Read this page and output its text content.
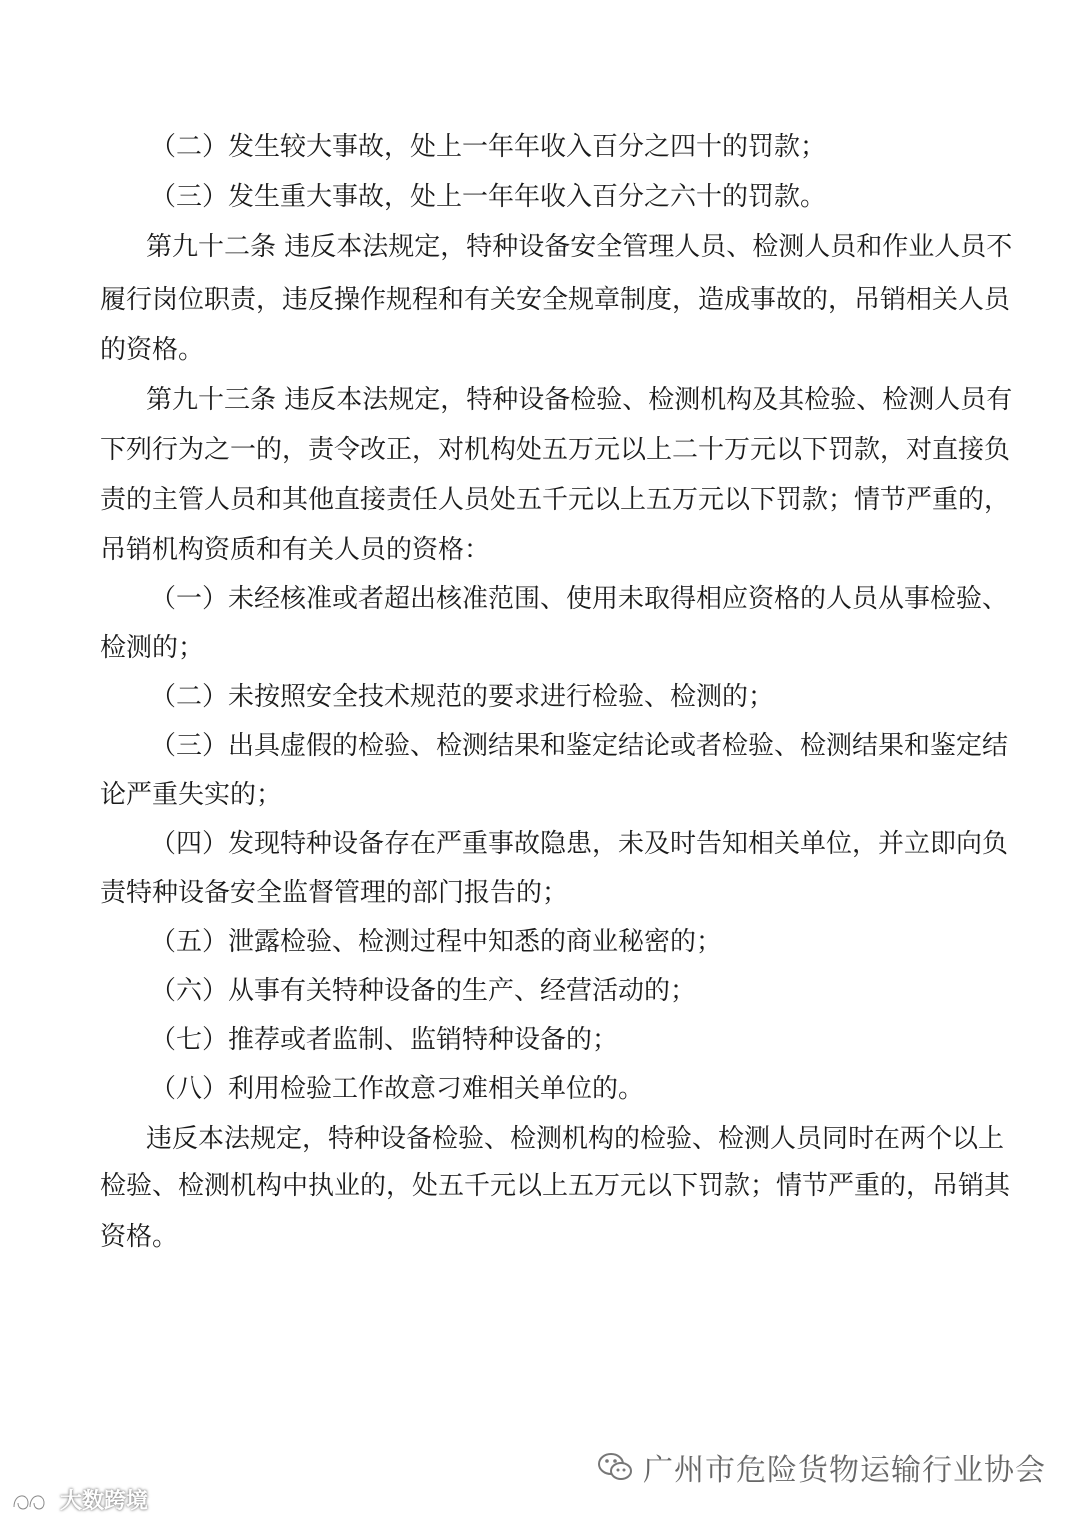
（二）发生较大事故，处上一年年收入百分之四十的罚款；
（三）发生重大事故，处上一年年收入百分之六十的罚款。
第九十二条 违反本法规定，特种设备安全管理人员、检测人员和作业人员不
履行岗位职责，违反操作规程和有关安全规章制度，造成事故的，吊销相关人员
的资格。
第九十三条 违反本法规定，特种设备检验、检测机构及其检验、检测人员有
下列行为之一的，责令改正，对机构处五万元以上二十万元以下罚款，对直接负
责的主管人员和其他直接责任人员处五千元以上五万元以下罚款；情节严重的，
吊销机构资质和有关人员的资格：
（一）未经核准或者超出核准范围、使用未取得相应资格的人员从事检验、
检测的；
（二）未按照安全技术规范的要求进行检验、检测的；
（三）出具虚假的检验、检测结果和鉴定结论或者检验、检测结果和鉴定结
论严重失实的；
（四）发现特种设备存在严重事故隐患，未及时告知相关单位，并立即向负
责特种设备安全监督管理的部门报告的；
（五）泄露检验、检测过程中知悉的商业秘密的；
（六）从事有关特种设备的生产、经营活动的；
（七）推荐或者监制、监销特种设备的；
（八）利用检验工作故意刁难相关单位的。
违反本法规定，特种设备检验、检测机构的检验、检测人员同时在两个以上
检验、检测机构中执业的，处五千元以上五万元以下罚款；情节严重的，吊销其
资格。
广州市危险货物运输行业协会
大数跨境
